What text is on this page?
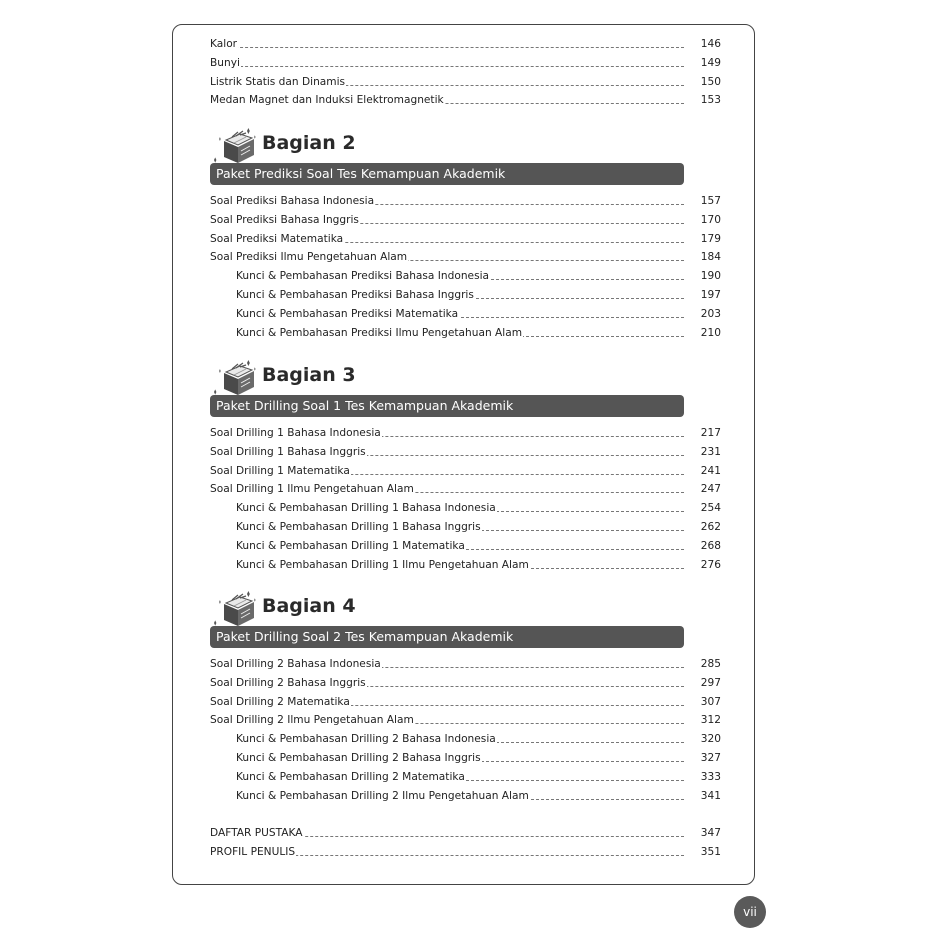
Kalor	146
Bunyi	149
Listrik Statis dan Dinamis	150
Medan Magnet dan Induksi Elektromagnetik	153
Bagian 2
Paket Prediksi Soal Tes Kemampuan Akademik
Soal Prediksi Bahasa Indonesia	157
Soal Prediksi Bahasa Inggris	170
Soal Prediksi Matematika	179
Soal Prediksi Ilmu Pengetahuan Alam	184
Kunci & Pembahasan Prediksi Bahasa Indonesia	190
Kunci & Pembahasan Prediksi Bahasa Inggris	197
Kunci & Pembahasan Prediksi Matematika	203
Kunci & Pembahasan Prediksi Ilmu Pengetahuan Alam	210
Bagian 3
Paket Drilling Soal 1 Tes Kemampuan Akademik
Soal Drilling 1 Bahasa Indonesia	217
Soal Drilling 1 Bahasa Inggris	231
Soal Drilling 1 Matematika	241
Soal Drilling 1 Ilmu Pengetahuan Alam	247
Kunci & Pembahasan Drilling 1 Bahasa Indonesia	254
Kunci & Pembahasan Drilling 1 Bahasa Inggris	262
Kunci & Pembahasan Drilling 1 Matematika	268
Kunci & Pembahasan Drilling 1 Ilmu Pengetahuan Alam	276
Bagian 4
Paket Drilling Soal 2 Tes Kemampuan Akademik
Soal Drilling 2 Bahasa Indonesia	285
Soal Drilling 2 Bahasa Inggris	297
Soal Drilling 2 Matematika	307
Soal Drilling 2 Ilmu Pengetahuan Alam	312
Kunci & Pembahasan Drilling 2 Bahasa Indonesia	320
Kunci & Pembahasan Drilling 2 Bahasa Inggris	327
Kunci & Pembahasan Drilling 2 Matematika	333
Kunci & Pembahasan Drilling 2 Ilmu Pengetahuan Alam	341
DAFTAR PUSTAKA	347
PROFIL PENULIS	351
vii
